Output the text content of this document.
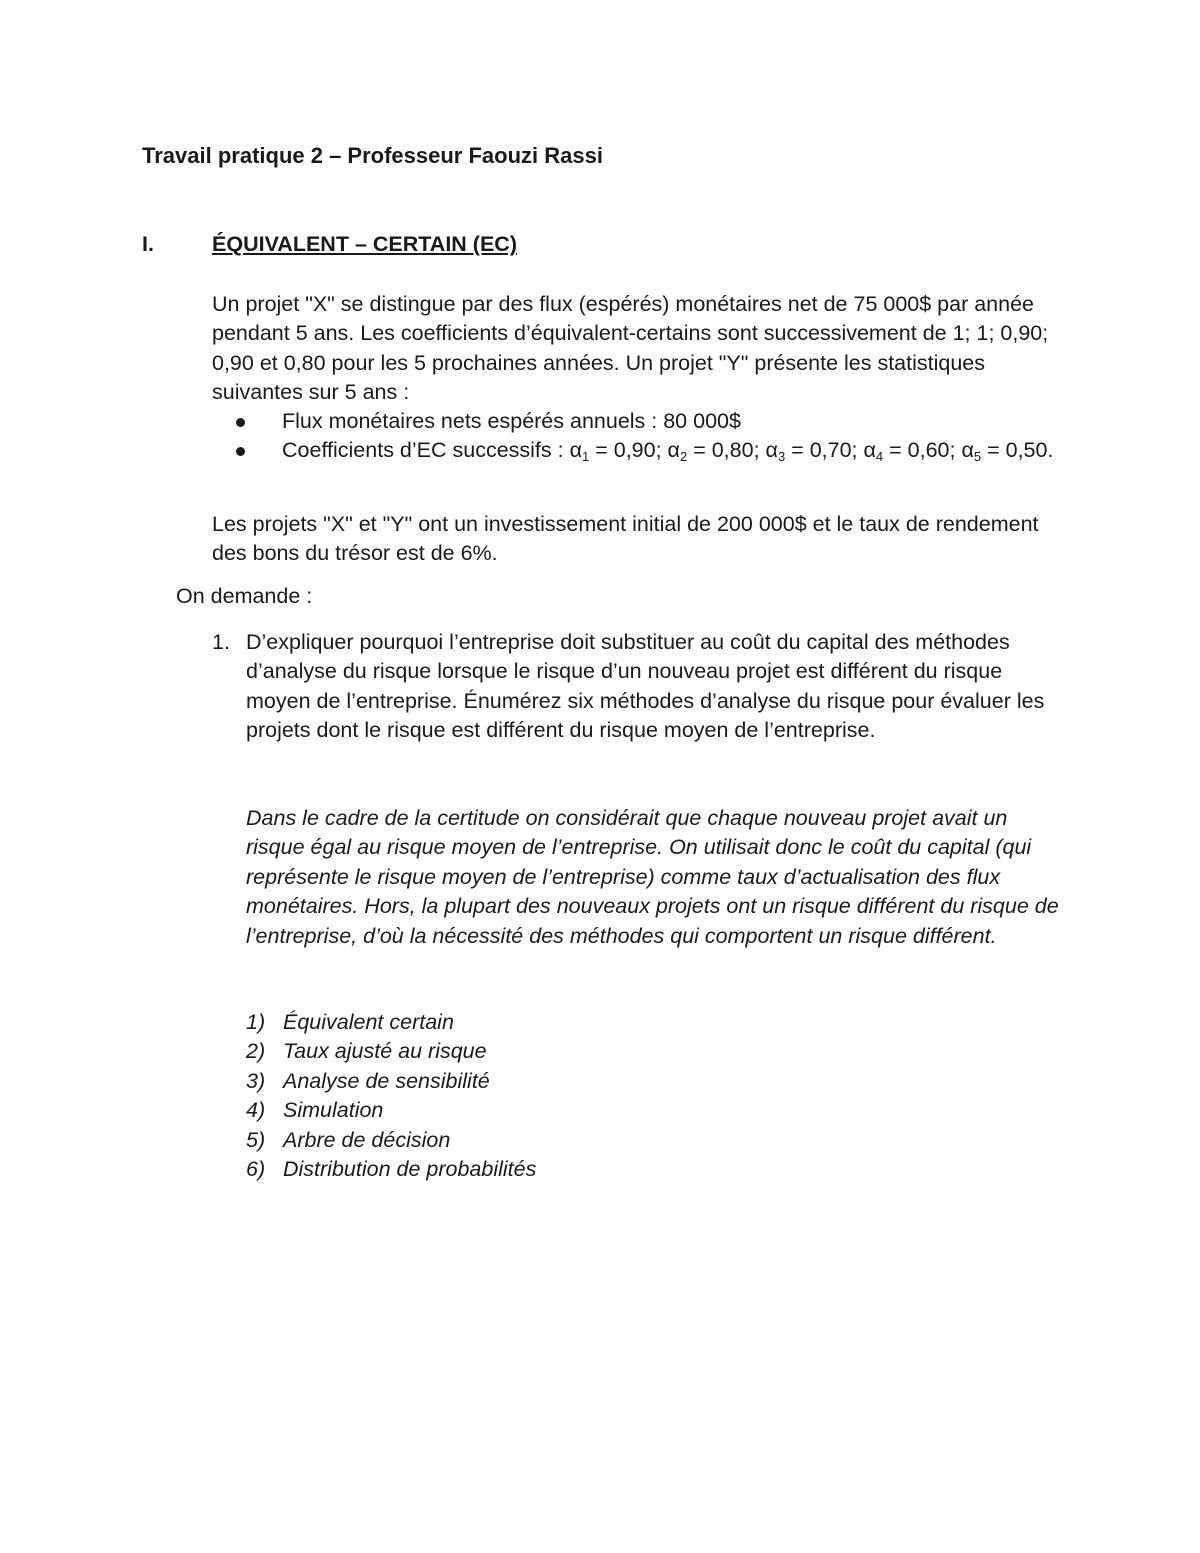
Travail pratique 2 – Professeur Faouzi Rassi
I.	ÉQUIVALENT – CERTAIN (EC)

Un projet "X" se distingue par des flux (espérés) monétaires net de 75 000$ par année pendant 5 ans. Les coefficients d’équivalent-certains sont successivement de 1; 1; 0,90; 0,90 et 0,80 pour les 5 prochaines années. Un projet "Y" présente les statistiques suivantes sur 5 ans :

Flux monétaires nets espérés annuels : 80 000$
Coefficients d’EC successifs : $\alpha_1 = 0,90$; $\alpha_2 = 0,80$; $\alpha_3 = 0,70$; $\alpha_4 = 0,60$; $\alpha_5 = 0,50$.

Les projets "X" et "Y" ont un investissement initial de 200 000$ et le taux de rendement des bons du trésor est de 6%.

On demande :

1. D’expliquer pourquoi l’entreprise doit substituer au coût du capital des méthodes d’analyse du risque lorsque le risque d’un nouveau projet est différent du risque moyen de l’entreprise. Énumérez six méthodes d’analyse du risque pour évaluer les projets dont le risque est différent du risque moyen de l’entreprise.

Dans le cadre de la certitude on considérait que chaque nouveau projet avait un risque égal au risque moyen de l’entreprise. On utilisait donc le coût du capital (qui représente le risque moyen de l’entreprise) comme taux d’actualisation des flux monétaires. Hors, la plupart des nouveaux projets ont un risque différent du risque de l’entreprise, d’où la nécessité des méthodes qui comportent un risque différent.

1) Équivalent certain
2) Taux ajusté au risque
3) Analyse de sensibilité
4) Simulation
5) Arbre de décision
6) Distribution de probabilités
